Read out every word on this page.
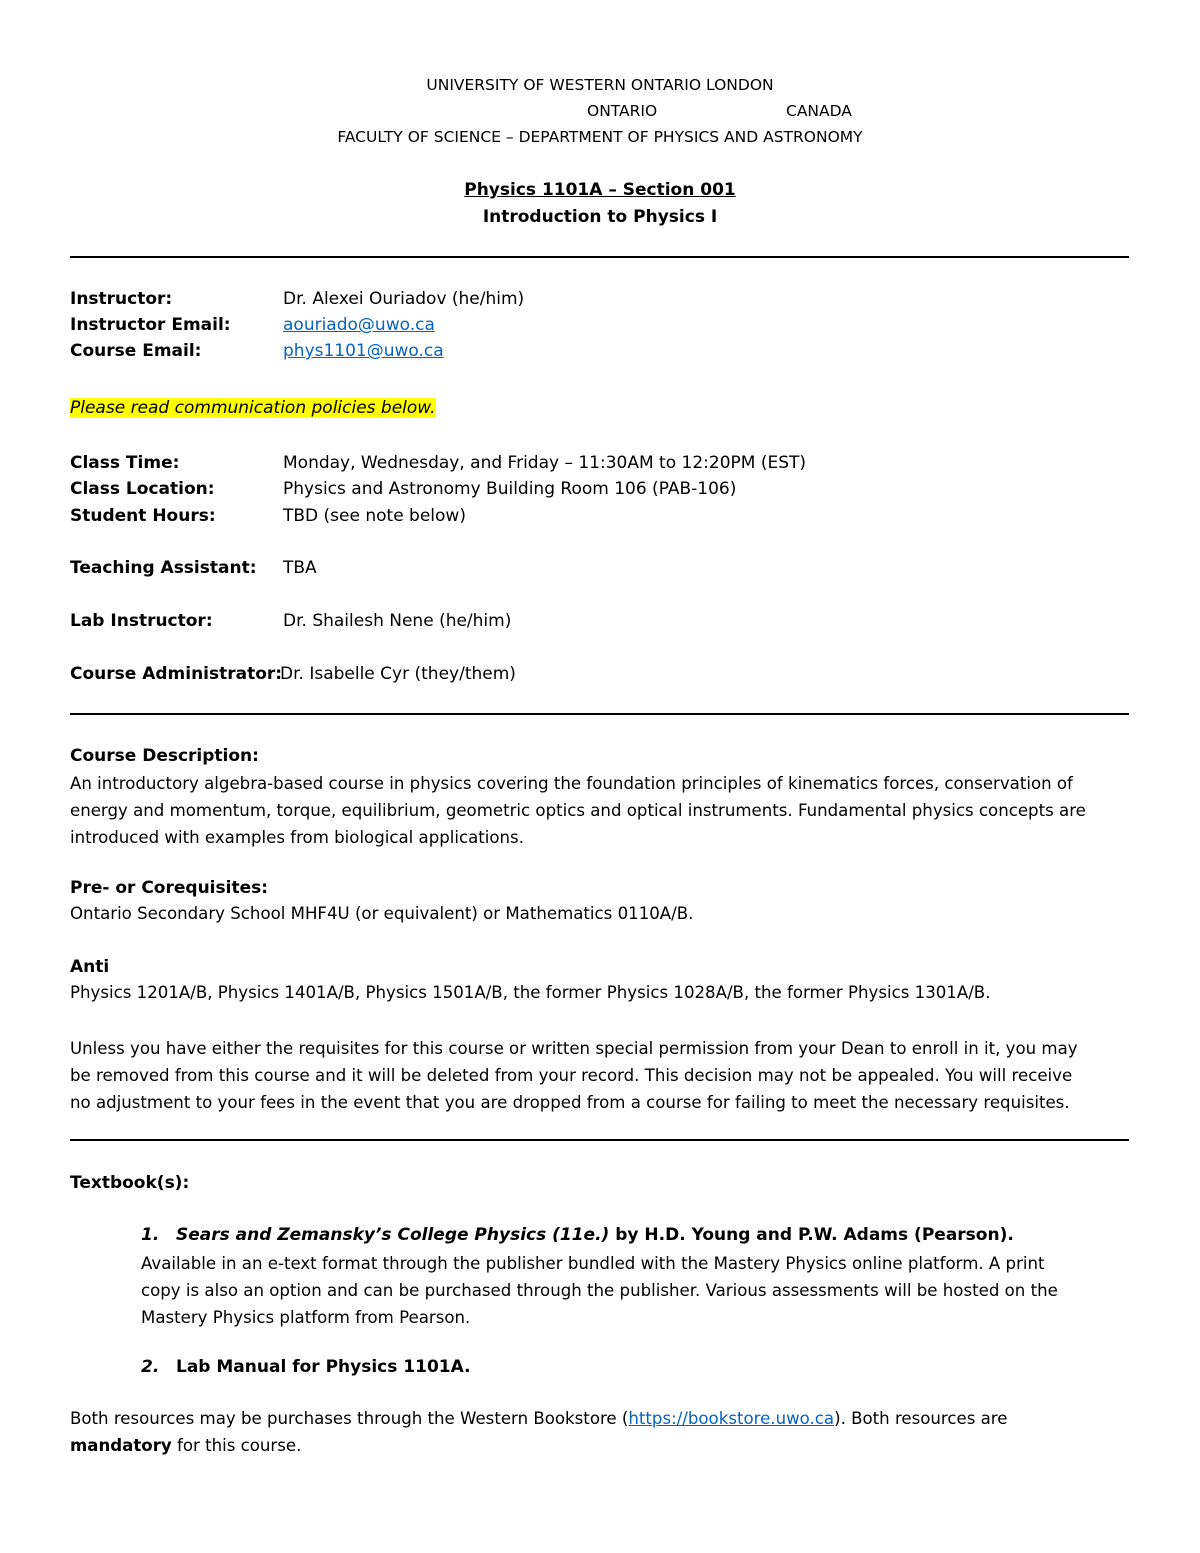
UNIVERSITY OF WESTERN ONTARIO LONDON
ONTARIO	CANADA
FACULTY OF SCIENCE – DEPARTMENT OF PHYSICS AND ASTRONOMY
Physics 1101A – Section 001
Introduction to Physics I
Instructor:	Dr. Alexei Ouriadov (he/him)
Instructor Email:	aouriado@uwo.ca
Course Email:	phys1101@uwo.ca
Please read communication policies below.
Class Time:	Monday, Wednesday, and Friday – 11:30AM to 12:20PM (EST)
Class Location:	Physics and Astronomy Building Room 106 (PAB-106)
Student Hours:	TBD (see note below)
Teaching Assistant: TBA
Lab Instructor:	Dr. Shailesh Nene (he/him)
Course Administrator:
Dr. Isabelle Cyr (they/them)
Course Description:
An introductory algebra-based course in physics covering the foundation principles of kinematics forces, conservation of
energy and momentum, torque, equilibrium, geometric optics and optical instruments. Fundamental physics concepts are
introduced with examples from biological applications.
Pre- or Corequisites:
Ontario Secondary School MHF4U (or equivalent) or Mathematics 0110A/B.
Anti
Physics 1201A/B, Physics 1401A/B, Physics 1501A/B, the former Physics 1028A/B, the former Physics 1301A/B.
Unless you have either the requisites for this course or written special permission from your Dean to enroll in it, you may
be removed from this course and it will be deleted from your record. This decision may not be appealed. You will receive
no adjustment to your fees in the event that you are dropped from a course for failing to meet the necessary requisites.
Textbook(s):
1. Sears and Zemansky’s College Physics (11e.) by H.D. Young and P.W. Adams (Pearson).
Available in an e-text format through the publisher bundled with the Mastery Physics online platform. A print
copy is also an option and can be purchased through the publisher. Various assessments will be hosted on the
Mastery Physics platform from Pearson.
2. Lab Manual for Physics 1101A.
Both resources may be purchases through the Western Bookstore (https://bookstore.uwo.ca). Both resources are
mandatory for this course.
